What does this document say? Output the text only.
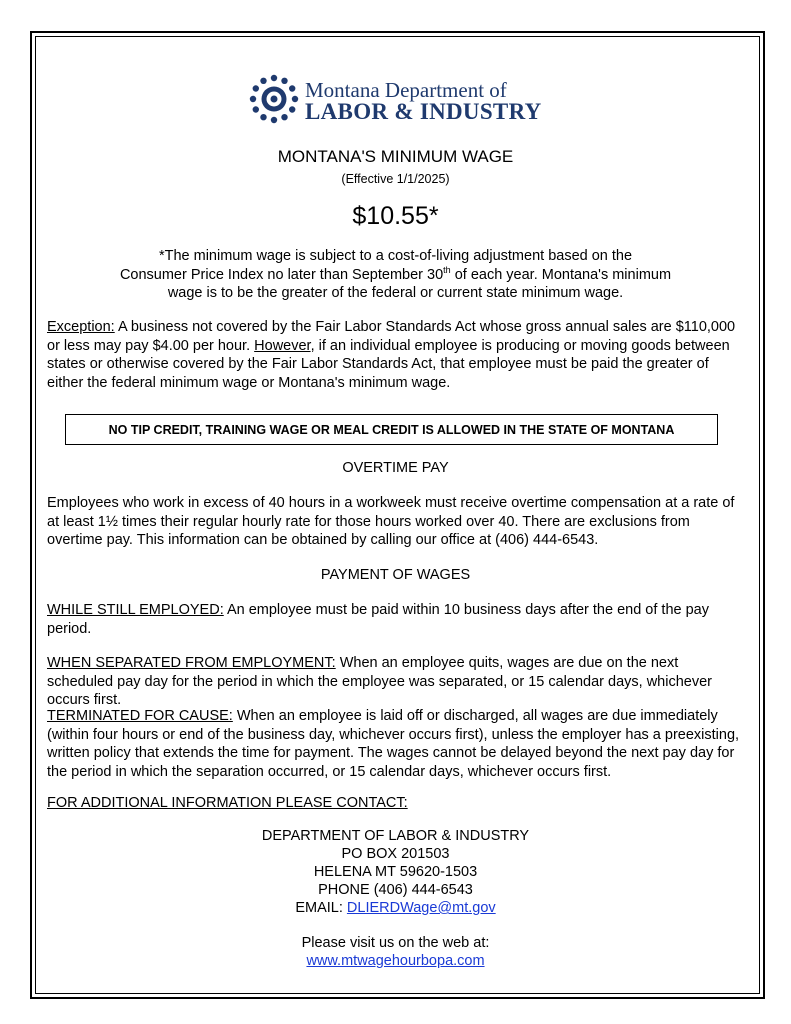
Montana Department of
LABOR & INDUSTRY
MONTANA'S MINIMUM WAGE
(Effective 1/1/2025)
$10.55*
*The minimum wage is subject to a cost-of-living adjustment based on the
Consumer Price Index no later than September 30th of each year. Montana's minimum
wage is to be the greater of the federal or current state minimum wage.
Exception: A business not covered by the Fair Labor Standards Act whose gross annual sales are $110,000 or less may pay $4.00 per hour. However, if an individual employee is producing or moving goods between states or otherwise covered by the Fair Labor Standards Act, that employee must be paid the greater of either the federal minimum wage or Montana's minimum wage.
NO TIP CREDIT, TRAINING WAGE OR MEAL CREDIT IS ALLOWED IN THE STATE OF MONTANA
OVERTIME PAY
Employees who work in excess of 40 hours in a workweek must receive overtime compensation at a rate of at least 1½ times their regular hourly rate for those hours worked over 40. There are exclusions from overtime pay. This information can be obtained by calling our office at (406) 444-6543.
PAYMENT OF WAGES
WHILE STILL EMPLOYED: An employee must be paid within 10 business days after the end of the pay period.
WHEN SEPARATED FROM EMPLOYMENT: When an employee quits, wages are due on the next scheduled pay day for the period in which the employee was separated, or 15 calendar days, whichever occurs first.
TERMINATED FOR CAUSE: When an employee is laid off or discharged, all wages are due immediately (within four hours or end of the business day, whichever occurs first), unless the employer has a preexisting, written policy that extends the time for payment. The wages cannot be delayed beyond the next pay day for the period in which the separation occurred, or 15 calendar days, whichever occurs first.
FOR ADDITIONAL INFORMATION PLEASE CONTACT:
DEPARTMENT OF LABOR & INDUSTRY
PO BOX 201503
HELENA MT 59620-1503
PHONE (406) 444-6543
EMAIL: DLIERDWage@mt.gov
Please visit us on the web at:
www.mtwagehourbopa.com
